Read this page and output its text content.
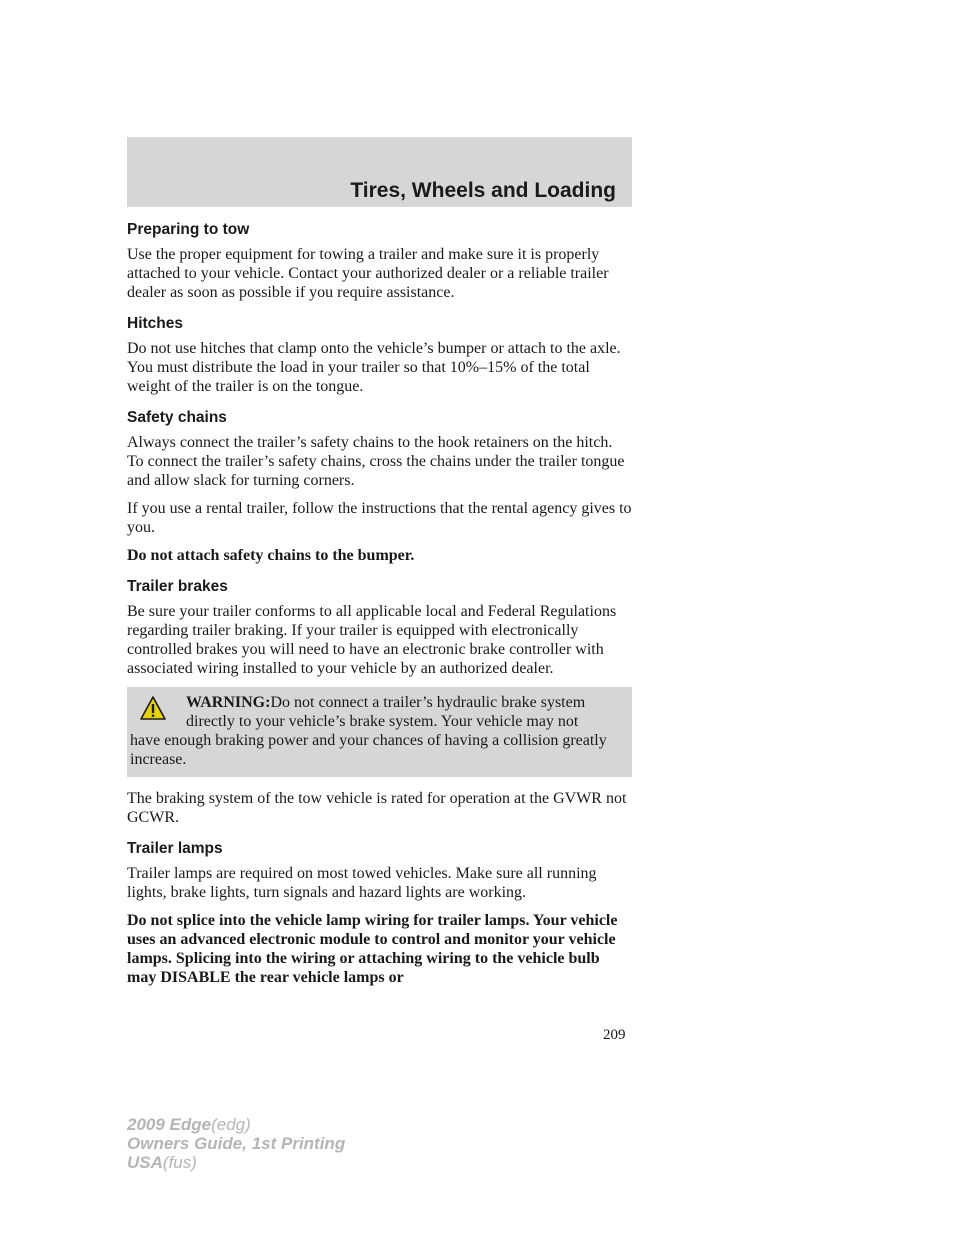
Tires, Wheels and Loading
Preparing to tow

Use the proper equipment for towing a trailer and make sure it is properly attached to your vehicle. Contact your authorized dealer or a reliable trailer dealer as soon as possible if you require assistance.

Hitches

Do not use hitches that clamp onto the vehicle’s bumper or attach to the axle. You must distribute the load in your trailer so that 10%–15% of the total weight of the trailer is on the tongue.

Safety chains

Always connect the trailer’s safety chains to the hook retainers on the hitch. To connect the trailer’s safety chains, cross the chains under the trailer tongue and allow slack for turning corners.

If you use a rental trailer, follow the instructions that the rental agency gives to you.

Do not attach safety chains to the bumper.

Trailer brakes

Be sure your trailer conforms to all applicable local and Federal Regulations regarding trailer braking. If your trailer is equipped with electronically controlled brakes you will need to have an electronic brake controller with associated wiring installed to your vehicle by an authorized dealer.

WARNING:Do not connect a trailer’s hydraulic brake system
directly to your vehicle’s brake system. Your vehicle may not
have enough braking power and your chances of having a collision greatly increase.

The braking system of the tow vehicle is rated for operation at the GVWR not GCWR.

Trailer lamps

Trailer lamps are required on most towed vehicles. Make sure all running lights, brake lights, turn signals and hazard lights are working.

Do not splice into the vehicle lamp wiring for trailer lamps. Your vehicle uses an advanced electronic module to control and monitor your vehicle lamps. Splicing into the wiring or attaching wiring to the vehicle bulb may DISABLE the rear vehicle lamps or

209
2009 Edge(edg)
Owners Guide, 1st Printing
USA(fus)
